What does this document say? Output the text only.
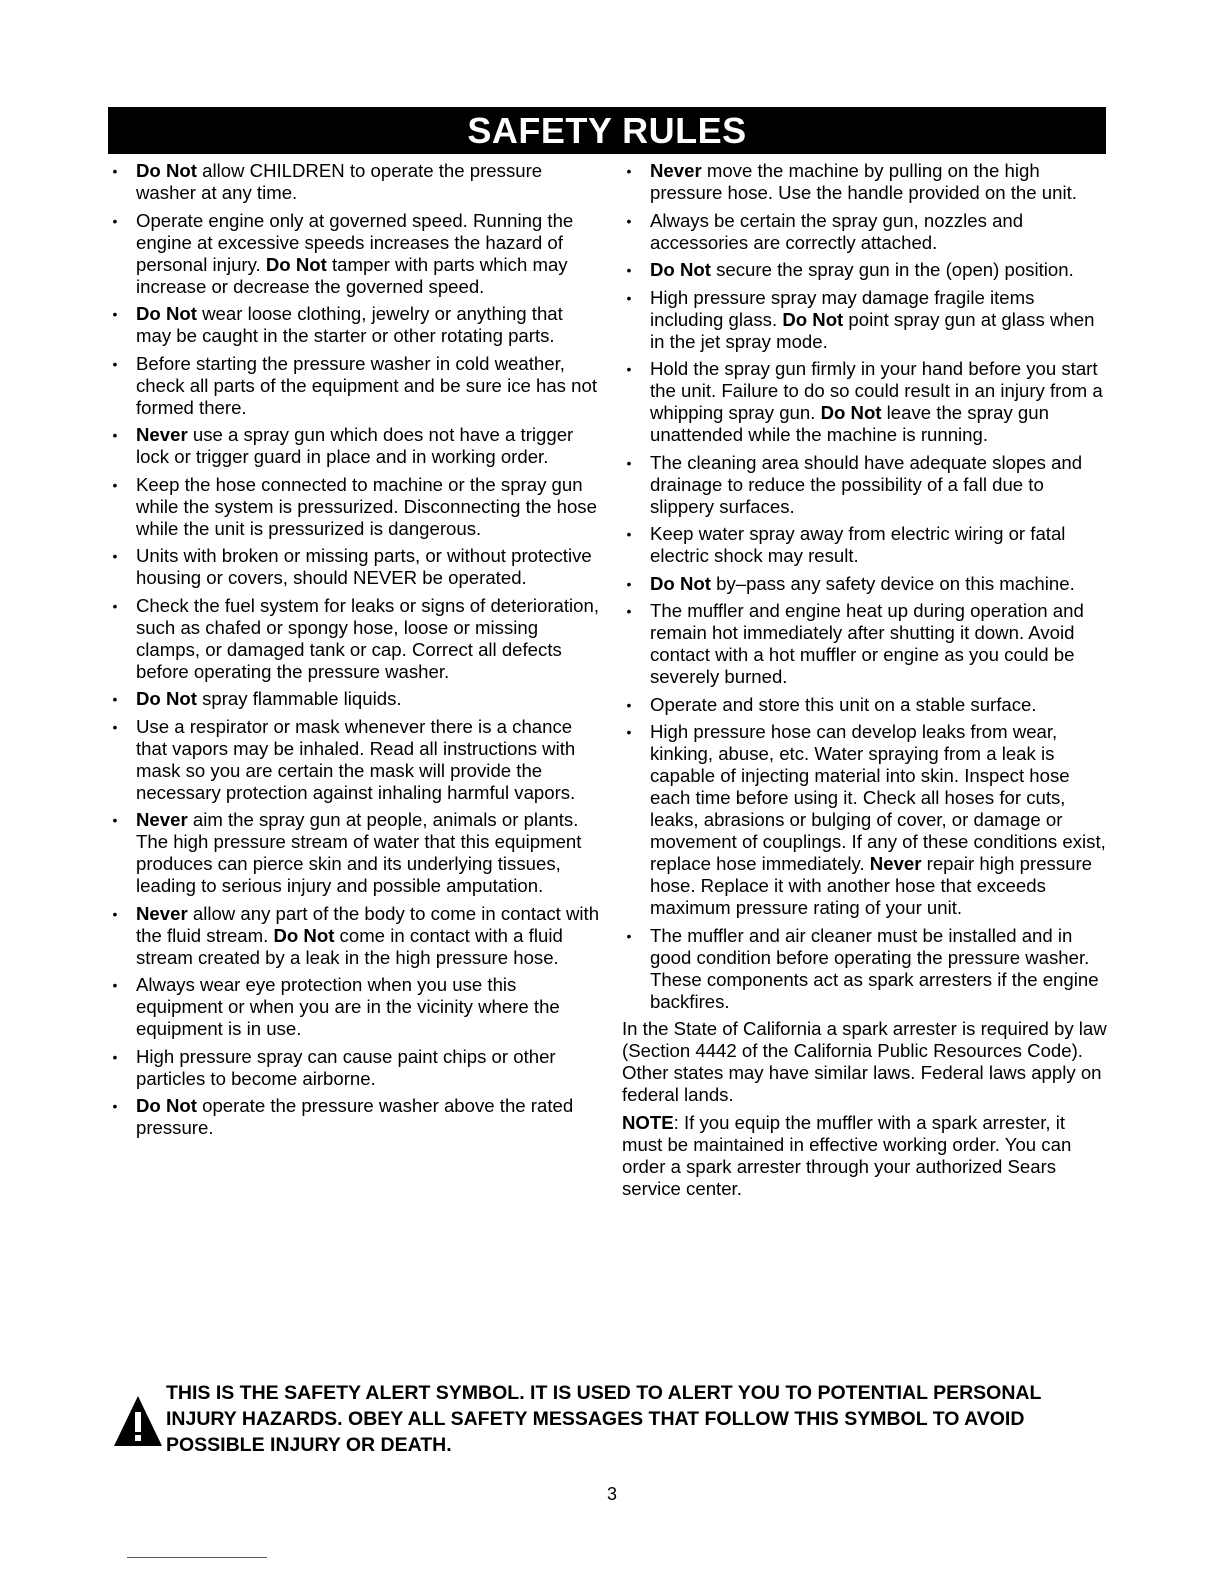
SAFETY RULES
• Do Not allow CHILDREN to operate the pressure washer at any time.
• Operate engine only at governed speed. Running the engine at excessive speeds increases the hazard of personal injury. Do Not tamper with parts which may increase or decrease the governed speed.
• Do Not wear loose clothing, jewelry or anything that may be caught in the starter or other rotating parts.
• Before starting the pressure washer in cold weather, check all parts of the equipment and be sure ice has not formed there.
• Never use a spray gun which does not have a trigger lock or trigger guard in place and in working order.
• Keep the hose connected to machine or the spray gun while the system is pressurized. Disconnecting the hose while the unit is pressurized is dangerous.
• Units with broken or missing parts, or without protective housing or covers, should NEVER be operated.
• Check the fuel system for leaks or signs of deterioration, such as chafed or spongy hose, loose or missing clamps, or damaged tank or cap. Correct all defects before operating the pressure washer.
• Do Not spray flammable liquids.
• Use a respirator or mask whenever there is a chance that vapors may be inhaled. Read all instructions with mask so you are certain the mask will provide the necessary protection against inhaling harmful vapors.
• Never aim the spray gun at people, animals or plants. The high pressure stream of water that this equipment produces can pierce skin and its underlying tissues, leading to serious injury and possible amputation.
• Never allow any part of the body to come in contact with the fluid stream. Do Not come in contact with a fluid stream created by a leak in the high pressure hose.
• Always wear eye protection when you use this equipment or when you are in the vicinity where the equipment is in use.
• High pressure spray can cause paint chips or other particles to become airborne.
• Do Not operate the pressure washer above the rated pressure.
• Never move the machine by pulling on the high pressure hose. Use the handle provided on the unit.
• Always be certain the spray gun, nozzles and accessories are correctly attached.
• Do Not secure the spray gun in the (open) position.
• High pressure spray may damage fragile items including glass. Do Not point spray gun at glass when in the jet spray mode.
• Hold the spray gun firmly in your hand before you start the unit. Failure to do so could result in an injury from a whipping spray gun. Do Not leave the spray gun unattended while the machine is running.
• The cleaning area should have adequate slopes and drainage to reduce the possibility of a fall due to slippery surfaces.
• Keep water spray away from electric wiring or fatal electric shock may result.
• Do Not by–pass any safety device on this machine.
• The muffler and engine heat up during operation and remain hot immediately after shutting it down. Avoid contact with a hot muffler or engine as you could be severely burned.
• Operate and store this unit on a stable surface.
• High pressure hose can develop leaks from wear, kinking, abuse, etc. Water spraying from a leak is capable of injecting material into skin. Inspect hose each time before using it. Check all hoses for cuts, leaks, abrasions or bulging of cover, or damage or movement of couplings. If any of these conditions exist, replace hose immediately. Never repair high pressure hose. Replace it with another hose that exceeds maximum pressure rating of your unit.
• The muffler and air cleaner must be installed and in good condition before operating the pressure washer. These components act as spark arresters if the engine backfires.

In the State of California a spark arrester is required by law (Section 4442 of the California Public Resources Code). Other states may have similar laws. Federal laws apply on federal lands.

NOTE: If you equip the muffler with a spark arrester, it must be maintained in effective working order. You can order a spark arrester through your authorized Sears service center.

THIS IS THE SAFETY ALERT SYMBOL. IT IS USED TO ALERT YOU TO POTENTIAL PERSONAL INJURY HAZARDS. OBEY ALL SAFETY MESSAGES THAT FOLLOW THIS SYMBOL TO AVOID POSSIBLE INJURY OR DEATH.
3
